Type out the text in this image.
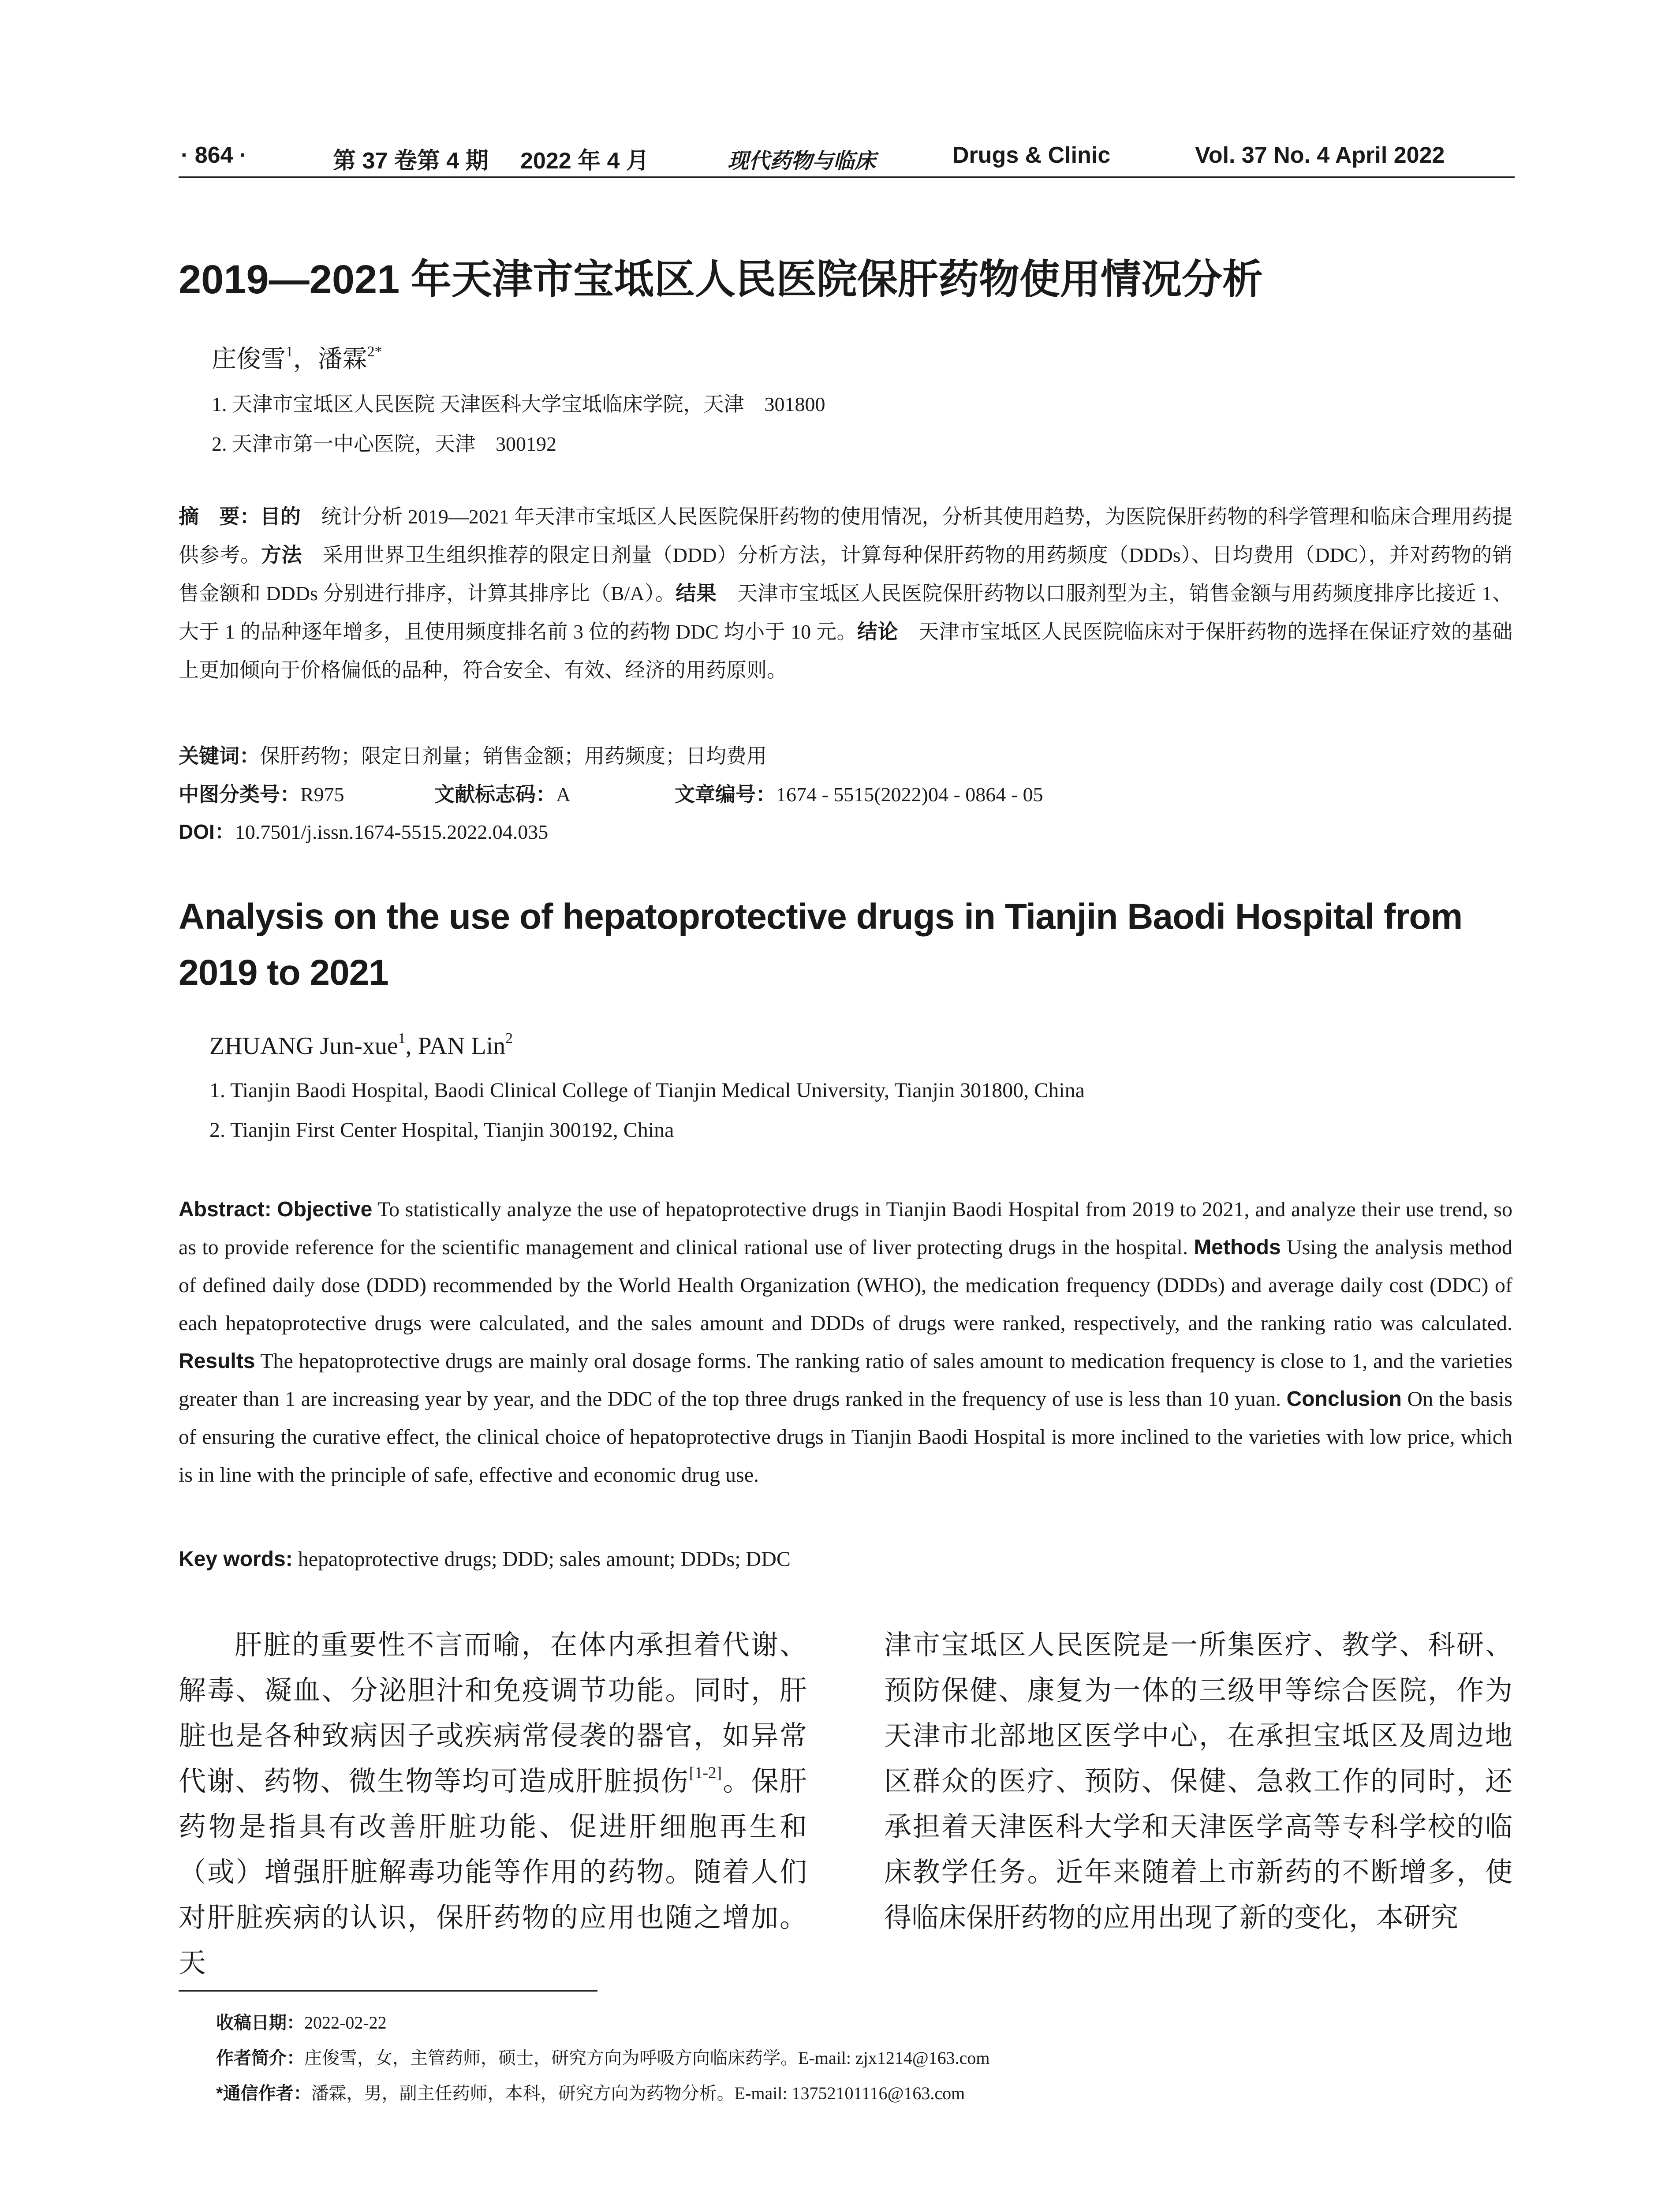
· 864 ·	第 37 卷第 4 期 2022 年 4 月	现代药物与临床	Drugs & Clinic	Vol. 37 No. 4 April 2022
2019—2021 年天津市宝坻区人民医院保肝药物使用情况分析
庄俊雪$^1$，潘霖$^{2*}$
1. 天津市宝坻区人民医院 天津医科大学宝坻临床学院，天津　301800
2. 天津市第一中心医院，天津　300192
摘　要：目的　统计分析 2019—2021 年天津市宝坻区人民医院保肝药物的使用情况，分析其使用趋势，为医院保肝药物的科学管理和临床合理用药提供参考。方法　采用世界卫生组织推荐的限定日剂量（DDD）分析方法，计算每种保肝药物的用药频度（DDDs）、日均费用（DDC），并对药物的销售金额和 DDDs 分别进行排序，计算其排序比（B/A）。结果　天津市宝坻区人民医院保肝药物以口服剂型为主，销售金额与用药频度排序比接近 1、大于 1 的品种逐年增多，且使用频度排名前 3 位的药物 DDC 均小于 10 元。结论　天津市宝坻区人民医院临床对于保肝药物的选择在保证疗效的基础上更加倾向于价格偏低的品种，符合安全、有效、经济的用药原则。
关键词：保肝药物；限定日剂量；销售金额；用药频度；日均费用
中图分类号：R975	文献标志码：A	文章编号：1674 - 5515(2022)04 - 0864 - 05
DOI：10.7501/j.issn.1674-5515.2022.04.035
Analysis on the use of hepatoprotective drugs in Tianjin Baodi Hospital from 2019 to 2021
ZHUANG Jun-xue$^1$, PAN Lin$^2$
1. Tianjin Baodi Hospital, Baodi Clinical College of Tianjin Medical University, Tianjin 301800, China
2. Tianjin First Center Hospital, Tianjin 300192, China
Abstract: Objective To statistically analyze the use of hepatoprotective drugs in Tianjin Baodi Hospital from 2019 to 2021, and analyze their use trend, so as to provide reference for the scientific management and clinical rational use of liver protecting drugs in the hospital. Methods Using the analysis method of defined daily dose (DDD) recommended by the World Health Organization (WHO), the medication frequency (DDDs) and average daily cost (DDC) of each hepatoprotective drugs were calculated, and the sales amount and DDDs of drugs were ranked, respectively, and the ranking ratio was calculated. Results The hepatoprotective drugs are mainly oral dosage forms. The ranking ratio of sales amount to medication frequency is close to 1, and the varieties greater than 1 are increasing year by year, and the DDC of the top three drugs ranked in the frequency of use is less than 10 yuan. Conclusion On the basis of ensuring the curative effect, the clinical choice of hepatoprotective drugs in Tianjin Baodi Hospital is more inclined to the varieties with low price, which is in line with the principle of safe, effective and economic drug use.
Key words: hepatoprotective drugs; DDD; sales amount; DDDs; DDC
肝脏的重要性不言而喻，在体内承担着代谢、解毒、凝血、分泌胆汁和免疫调节功能。同时，肝脏也是各种致病因子或疾病常侵袭的器官，如异常代谢、药物、微生物等均可造成肝脏损伤[1-2]。保肝药物是指具有改善肝脏功能、促进肝细胞再生和（或）增强肝脏解毒功能等作用的药物。随着人们对肝脏疾病的认识，保肝药物的应用也随之增加。天
津市宝坻区人民医院是一所集医疗、教学、科研、预防保健、康复为一体的三级甲等综合医院，作为天津市北部地区医学中心，在承担宝坻区及周边地区群众的医疗、预防、保健、急救工作的同时，还承担着天津医科大学和天津医学高等专科学校的临床教学任务。近年来随着上市新药的不断增多，使得临床保肝药物的应用出现了新的变化，本研究
收稿日期：2022-02-22
作者简介：庄俊雪，女，主管药师，硕士，研究方向为呼吸方向临床药学。E-mail: zjx1214@163.com
*通信作者：潘霖，男，副主任药师，本科，研究方向为药物分析。E-mail: 13752101116@163.com
